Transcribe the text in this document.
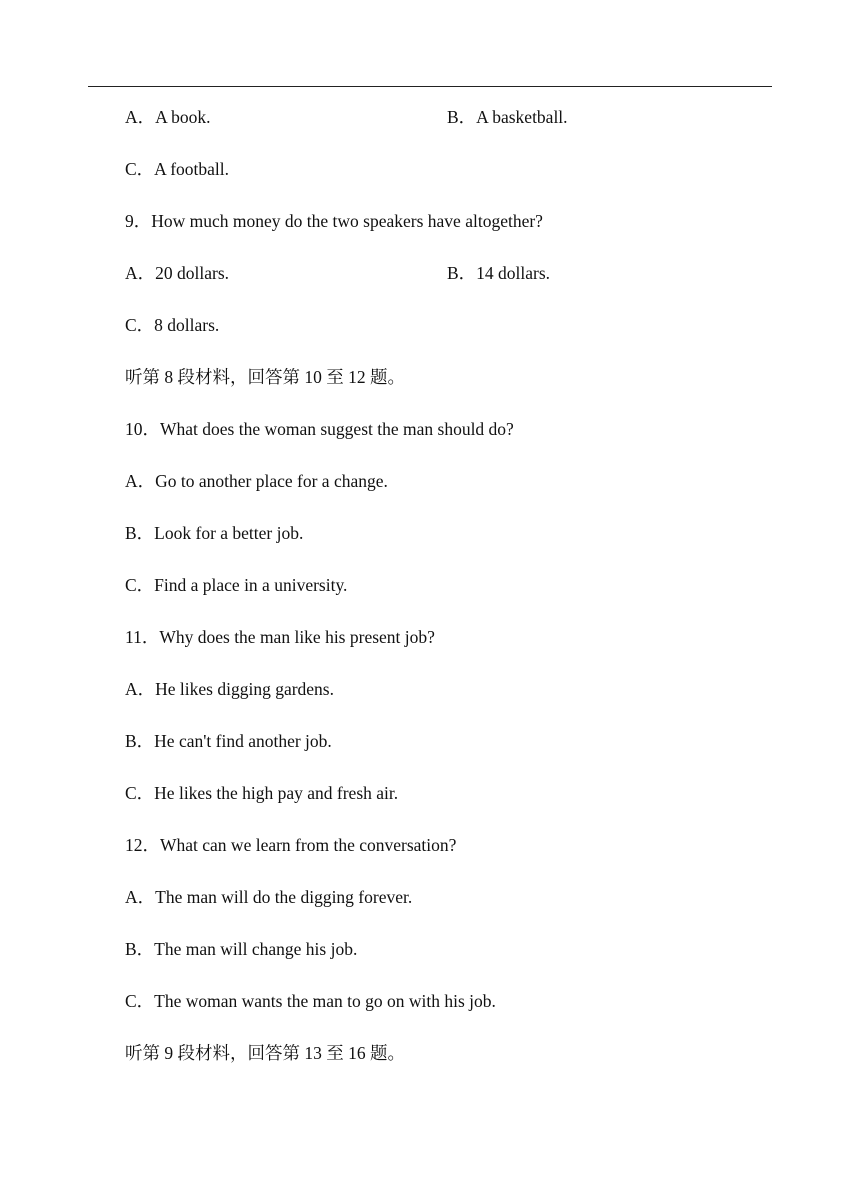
A．A book.	B．A basketball.
C．A football.
9．How much money do the two speakers have altogether?
A．20 dollars.	B．14 dollars.
C．8 dollars.
听第 8 段材料，回答第 10 至 12 题。
10．What does the woman suggest the man should do?
A．Go to another place for a change.
B．Look for a better job.
C．Find a place in a university.
11．Why does the man like his present job?
A．He likes digging gardens.
B．He can't find another job.
C．He likes the high pay and fresh air.
12．What can we learn from the conversation?
A．The man will do the digging forever.
B．The man will change his job.
C．The woman wants the man to go on with his job.
听第 9 段材料，回答第 13 至 16 题。
